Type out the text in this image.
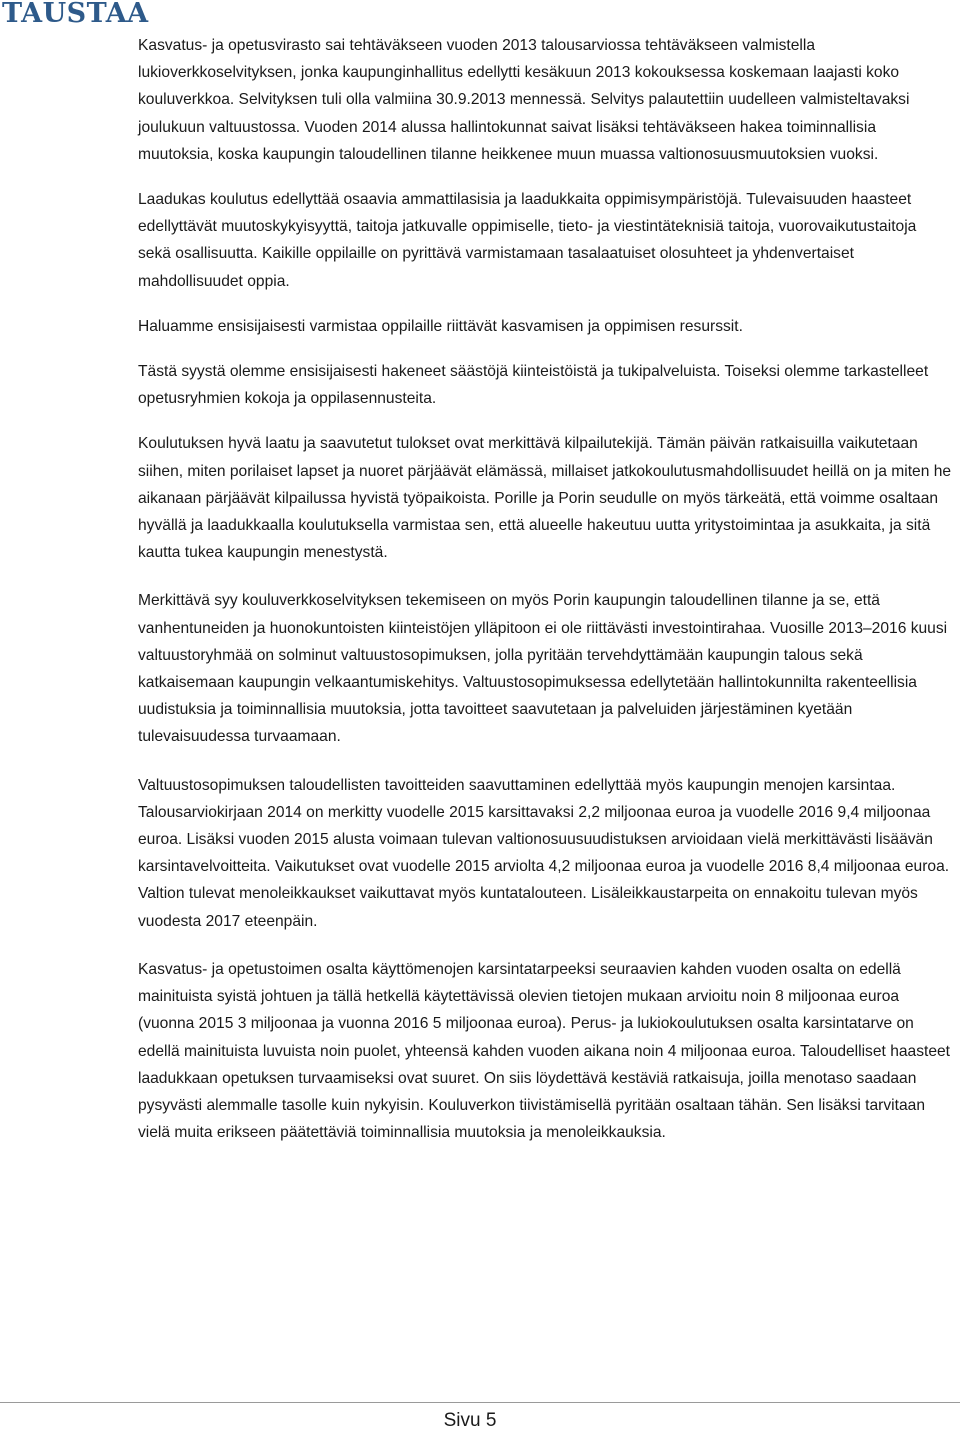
TAUSTAA

Kasvatus- ja opetusvirasto sai tehtäväkseen vuoden 2013 talousarviossa tehtäväkseen valmistella lukioverkkoselvityksen, jonka kaupunginhallitus edellytti kesäkuun 2013 kokouksessa koskemaan laajasti koko kouluverkkoa. Selvityksen tuli olla valmiina 30.9.2013 mennessä. Selvitys palautettiin uudelleen valmisteltavaksi joulukuun valtuustossa. Vuoden 2014 alussa hallintokunnat saivat lisäksi tehtäväkseen hakea toiminnallisia muutoksia, koska kaupungin taloudellinen tilanne heikkenee muun muassa valtionosuusmuutoksien vuoksi.

Laadukas koulutus edellyttää osaavia ammattilasisia ja laadukkaita oppimisympäristöjä. Tulevaisuuden haasteet edellyttävät muutoskykyisyyttä, taitoja jatkuvalle oppimiselle, tieto- ja viestintäteknisiä taitoja, vuorovaikutustaitoja sekä osallisuutta. Kaikille oppilaille on pyrittävä varmistamaan tasalaatuiset olosuhteet ja yhdenvertaiset mahdollisuudet oppia.

Haluamme ensisijaisesti varmistaa oppilaille riittävät kasvamisen ja oppimisen resurssit.

Tästä syystä olemme ensisijaisesti hakeneet säästöjä kiinteistöistä ja tukipalveluista. Toiseksi olemme tarkastelleet opetusryhmien kokoja ja oppilasennusteita.

Koulutuksen hyvä laatu ja saavutetut tulokset ovat merkittävä kilpailutekijä. Tämän päivän ratkaisuilla vaikutetaan siihen, miten porilaiset lapset ja nuoret pärjäävät elämässä, millaiset jatkokoulutusmahdollisuudet heillä on ja miten he aikanaan pärjäävät kilpailussa hyvistä työpaikoista. Porille ja Porin seudulle on myös tärkeätä, että voimme osaltaan hyvällä ja laadukkaalla koulutuksella varmistaa sen, että alueelle hakeutuu uutta yritystoimintaa ja asukkaita, ja sitä kautta tukea kaupungin menestystä.

Merkittävä syy kouluverkkoselvityksen tekemiseen on myös Porin kaupungin taloudellinen tilanne ja se, että vanhentuneiden ja huonokuntoisten kiinteistöjen ylläpitoon ei ole riittävästi investointirahaa. Vuosille 2013–2016 kuusi valtuustoryhmää on solminut valtuustosopimuksen, jolla pyritään tervehdyttämään kaupungin talous sekä katkaisemaan kaupungin velkaantumiskehitys. Valtuustosopimuksessa edellytetään hallintokunnilta rakenteellisia uudistuksia ja toiminnallisia muutoksia, jotta tavoitteet saavutetaan ja palveluiden järjestäminen kyetään tulevaisuudessa turvaamaan.

Valtuustosopimuksen taloudellisten tavoitteiden saavuttaminen edellyttää myös kaupungin menojen karsintaa. Talousarviokirjaan 2014 on merkitty vuodelle 2015 karsittavaksi 2,2 miljoonaa euroa ja vuodelle 2016 9,4 miljoonaa euroa. Lisäksi vuoden 2015 alusta voimaan tulevan valtionosuusuudistuksen arvioidaan vielä merkittävästi lisäävän karsintavelvoitteita. Vaikutukset ovat vuodelle 2015 arviolta 4,2 miljoonaa euroa ja vuodelle 2016 8,4 miljoonaa euroa. Valtion tulevat menoleikkaukset vaikuttavat myös kuntatalouteen. Lisäleikkaustarpeita on ennakoitu tulevan myös vuodesta 2017 eteenpäin.

Kasvatus- ja opetustoimen osalta käyttömenojen karsintatarpeeksi seuraavien kahden vuoden osalta on edellä mainituista syistä johtuen ja tällä hetkellä käytettävissä olevien tietojen mukaan arvioitu noin 8 miljoonaa euroa (vuonna 2015 3 miljoonaa ja vuonna 2016 5 miljoonaa euroa). Perus- ja lukiokoulutuksen osalta karsintatarve on edellä mainituista luvuista noin puolet, yhteensä kahden vuoden aikana noin 4 miljoonaa euroa. Taloudelliset haasteet laadukkaan opetuksen turvaamiseksi ovat suuret. On siis löydettävä kestäviä ratkaisuja, joilla menotaso saadaan pysyvästi alemmalle tasolle kuin nykyisin. Kouluverkon tiivistämisellä pyritään osaltaan tähän. Sen lisäksi tarvitaan vielä muita erikseen päätettäviä toiminnallisia muutoksia ja menoleikkauksia.

Sivu 5
